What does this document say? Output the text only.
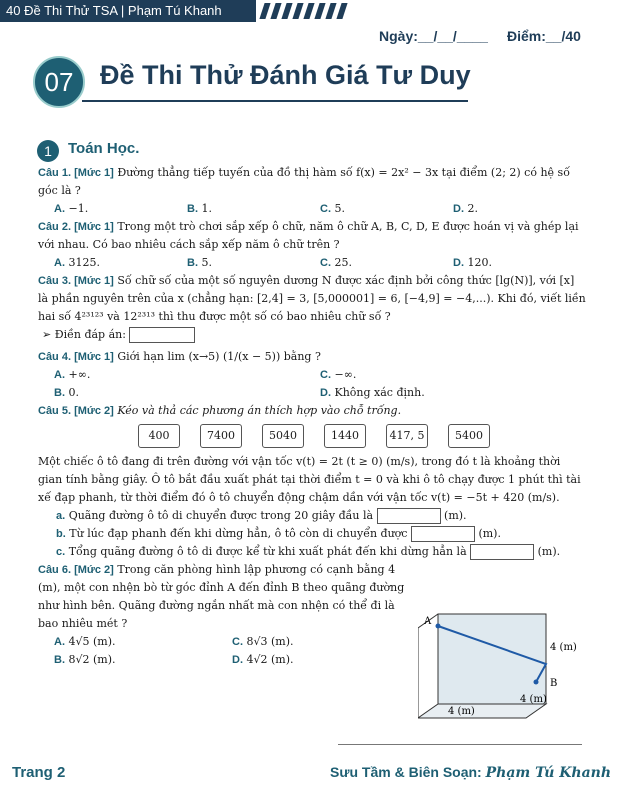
40 Đề Thi Thử TSA | Phạm Tú Khanh
Ngày:__/__/____ Điểm:__/40
07 Đề Thi Thử Đánh Giá Tư Duy
1	Toán Học.

Câu 1. [Mức 1] Đường thẳng tiếp tuyến của đồ thị hàm số f(x) = 2x² − 3x tại điểm (2; 2) có hệ số góc là ?

A. −1.	B. 1.	C. 5.	D. 2.

Câu 2. [Mức 1] Trong một trò chơi sắp xếp ô chữ, năm ô chữ A, B, C, D, E được hoán vị và ghép lại với nhau. Có bao nhiêu cách sắp xếp năm ô chữ trên ?

A. 3125.	B. 5.	C. 25.	D. 120.

Câu 3. [Mức 1] Số chữ số của một số nguyên dương N được xác định bởi công thức [lg(N)], với [x] là phần nguyên trên của x (chẳng hạn: [2,4] = 3, [5,000001] = 6, [−4,9] = −4,...). Khi đó, viết liền hai số 4²³¹²³ và 12²³¹³ thì thu được một số có bao nhiêu chữ số ?

➢ Điền đáp án:

Câu 4. [Mức 1] Giới hạn lim (x→5) (1/(x − 5)) bằng ?

A. +∞.	C. −∞.
B. 0.	D. Không xác định.

Câu 5. [Mức 2] Kéo và thả các phương án thích hợp vào chỗ trống.

400	7400	5040	1440	417, 5	5400

Một chiếc ô tô đang đi trên đường với vận tốc v(t) = 2t (t ≥ 0) (m/s), trong đó t là khoảng thời gian tính bằng giây. Ô tô bắt đầu xuất phát tại thời điểm t = 0 và khi ô tô chạy được 1 phút thì tài xế đạp phanh, từ thời điểm đó ô tô chuyển động chậm dần với vận tốc v(t) = −5t + 420 (m/s).

a. Quãng đường ô tô di chuyển được trong 20 giây đầu là	(m).
b. Từ lúc đạp phanh đến khi dừng hẳn, ô tô còn di chuyển được	(m).
c. Tổng quãng đường ô tô di được kể từ khi xuất phát đến khi dừng hẳn là	(m).

Câu 6. [Mức 2] Trong căn phòng hình lập phương có cạnh bằng 4 (m), một con nhện bò từ góc đỉnh A đến đỉnh B theo quãng đường như hình bên. Quãng đường ngắn nhất mà con nhện có thể đi là bao nhiêu mét ?

A. 4√5 (m).	C. 8√3 (m).
B. 8√2 (m).	D. 4√2 (m).
A
B
4 (m)
4 (m)
4 (m)
Trang 2	Sưu Tầm & Biên Soạn: Phạm Tú Khanh
